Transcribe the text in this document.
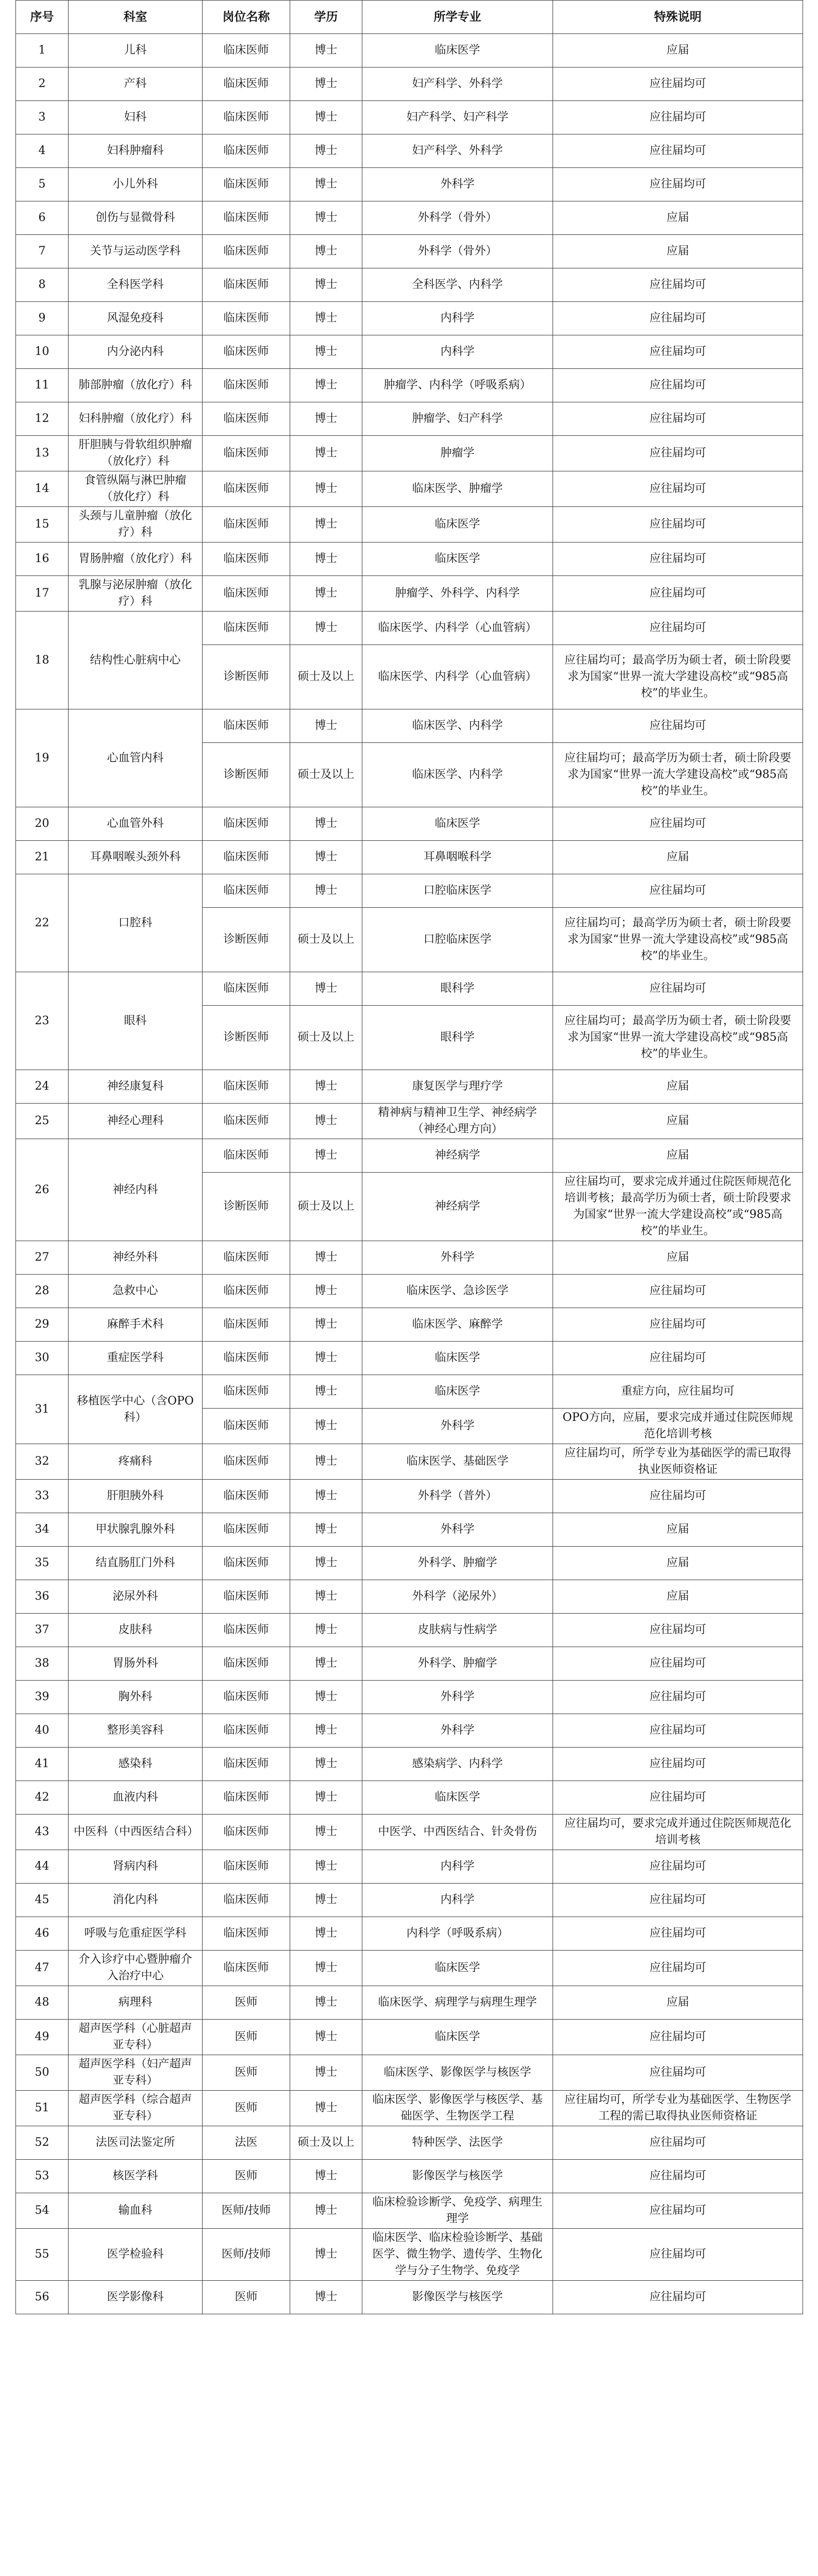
序号	科室	岗位名称	学历	所学专业	特殊说明
1	儿科	临床医师	博士	临床医学	应届
2	产科	临床医师	博士	妇产科学、外科学	应往届均可
3	妇科	临床医师	博士	妇产科学、妇产科学	应往届均可
4	妇科肿瘤科	临床医师	博士	妇产科学、外科学	应往届均可
5	小儿外科	临床医师	博士	外科学	应往届均可
6	创伤与显微骨科	临床医师	博士	外科学（骨外）	应届
7	关节与运动医学科	临床医师	博士	外科学（骨外）	应届
8	全科医学科	临床医师	博士	全科医学、内科学	应往届均可
9	风湿免疫科	临床医师	博士	内科学	应往届均可
10	内分泌内科	临床医师	博士	内科学	应往届均可
11	肺部肿瘤（放化疗）科	临床医师	博士	肿瘤学、内科学（呼吸系病）	应往届均可
12	妇科肿瘤（放化疗）科	临床医师	博士	肿瘤学、妇产科学	应往届均可
13	肝胆胰与骨软组织肿瘤（放化疗）科	临床医师	博士	肿瘤学	应往届均可
14	食管纵隔与淋巴肿瘤（放化疗）科	临床医师	博士	临床医学、肿瘤学	应往届均可
15	头颈与儿童肿瘤（放化疗）科	临床医师	博士	临床医学	应往届均可
16	胃肠肿瘤（放化疗）科	临床医师	博士	临床医学	应往届均可
17	乳腺与泌尿肿瘤（放化疗）科	临床医师	博士	肿瘤学、外科学、内科学	应往届均可
18	结构性心脏病中心	临床医师	博士	临床医学、内科学（心血管病）	应往届均可
		诊断医师	硕士及以上	临床医学、内科学（心血管病）	应往届均可；最高学历为硕士者，硕士阶段要求为国家“世界一流大学建设高校”或“985高校”的毕业生。
19	心血管内科	临床医师	博士	临床医学、内科学	应往届均可
		诊断医师	硕士及以上	临床医学、内科学	应往届均可；最高学历为硕士者，硕士阶段要求为国家“世界一流大学建设高校”或“985高校”的毕业生。
20	心血管外科	临床医师	博士	临床医学	应往届均可
21	耳鼻咽喉头颈外科	临床医师	博士	耳鼻咽喉科学	应届
22	口腔科	临床医师	博士	口腔临床医学	应往届均可
		诊断医师	硕士及以上	口腔临床医学	应往届均可；最高学历为硕士者，硕士阶段要求为国家“世界一流大学建设高校”或“985高校”的毕业生。
23	眼科	临床医师	博士	眼科学	应往届均可
		诊断医师	硕士及以上	眼科学	应往届均可；最高学历为硕士者，硕士阶段要求为国家“世界一流大学建设高校”或“985高校”的毕业生。
24	神经康复科	临床医师	博士	康复医学与理疗学	应届
25	神经心理科	临床医师	博士	精神病与精神卫生学、神经病学（神经心理方向）	应届
26	神经内科	临床医师	博士	神经病学	应届
		诊断医师	硕士及以上	神经病学	应往届均可，要求完成并通过住院医师规范化培训考核；最高学历为硕士者，硕士阶段要求为国家“世界一流大学建设高校”或“985高校”的毕业生。
27	神经外科	临床医师	博士	外科学	应届
28	急救中心	临床医师	博士	临床医学、急诊医学	应往届均可
29	麻醉手术科	临床医师	博士	临床医学、麻醉学	应往届均可
30	重症医学科	临床医师	博士	临床医学	应往届均可
31	移植医学中心（含OPO科）	临床医师	博士	临床医学	重症方向，应往届均可
		临床医师	博士	外科学	OPO方向，应届，要求完成并通过住院医师规范化培训考核
32	疼痛科	临床医师	博士	临床医学、基础医学	应往届均可，所学专业为基础医学的需已取得执业医师资格证
33	肝胆胰外科	临床医师	博士	外科学（普外）	应往届均可
34	甲状腺乳腺外科	临床医师	博士	外科学	应届
35	结直肠肛门外科	临床医师	博士	外科学、肿瘤学	应届
36	泌尿外科	临床医师	博士	外科学（泌尿外）	应届
37	皮肤科	临床医师	博士	皮肤病与性病学	应往届均可
38	胃肠外科	临床医师	博士	外科学、肿瘤学	应往届均可
39	胸外科	临床医师	博士	外科学	应往届均可
40	整形美容科	临床医师	博士	外科学	应往届均可
41	感染科	临床医师	博士	感染病学、内科学	应往届均可
42	血液内科	临床医师	博士	临床医学	应往届均可
43	中医科（中西医结合科）	临床医师	博士	中医学、中西医结合、针灸骨伤	应往届均可，要求完成并通过住院医师规范化培训考核
44	肾病内科	临床医师	博士	内科学	应往届均可
45	消化内科	临床医师	博士	内科学	应往届均可
46	呼吸与危重症医学科	临床医师	博士	内科学（呼吸系病）	应往届均可
47	介入诊疗中心暨肿瘤介入治疗中心	临床医师	博士	临床医学	应往届均可
48	病理科	医师	博士	临床医学、病理学与病理生理学	应届
49	超声医学科（心脏超声亚专科）	医师	博士	临床医学	应往届均可
50	超声医学科（妇产超声亚专科）	医师	博士	临床医学、影像医学与核医学	应往届均可
51	超声医学科（综合超声亚专科）	医师	博士	临床医学、影像医学与核医学、基础医学、生物医学工程	应往届均可，所学专业为基础医学、生物医学工程的需已取得执业医师资格证
52	法医司法鉴定所	法医	硕士及以上	特种医学、法医学	应往届均可
53	核医学科	医师	博士	影像医学与核医学	应往届均可
54	输血科	医师/技师	博士	临床检验诊断学、免疫学、病理生理学	应往届均可
55	医学检验科	医师/技师	博士	临床医学、临床检验诊断学、基础医学、微生物学、遗传学、生物化学与分子生物学、免疫学	应往届均可
56	医学影像科	医师	博士	影像医学与核医学	应往届均可
